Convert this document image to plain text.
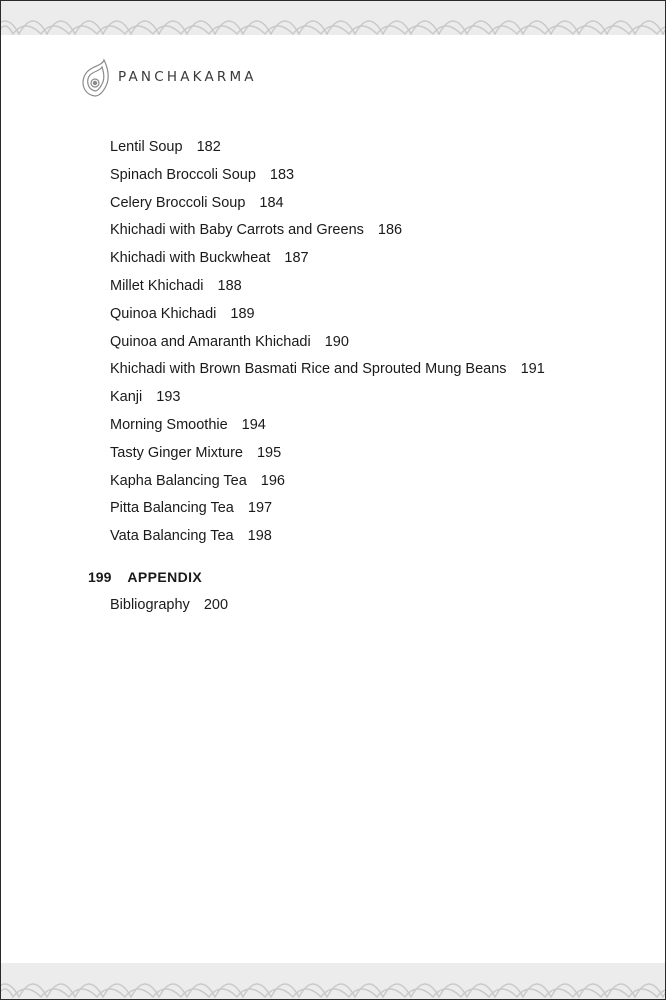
PANCHAKARMA
Lentil Soup 182
Spinach Broccoli Soup 183
Celery Broccoli Soup 184
Khichadi with Baby Carrots and Greens 186
Khichadi with Buckwheat 187
Millet Khichadi 188
Quinoa Khichadi 189
Quinoa and Amaranth Khichadi 190
Khichadi with Brown Basmati Rice and Sprouted Mung Beans 191
Kanji 193
Morning Smoothie 194
Tasty Ginger Mixture 195
Kapha Balancing Tea 196
Pitta Balancing Tea 197
Vata Balancing Tea 198
199 APPENDIX
Bibliography 200
